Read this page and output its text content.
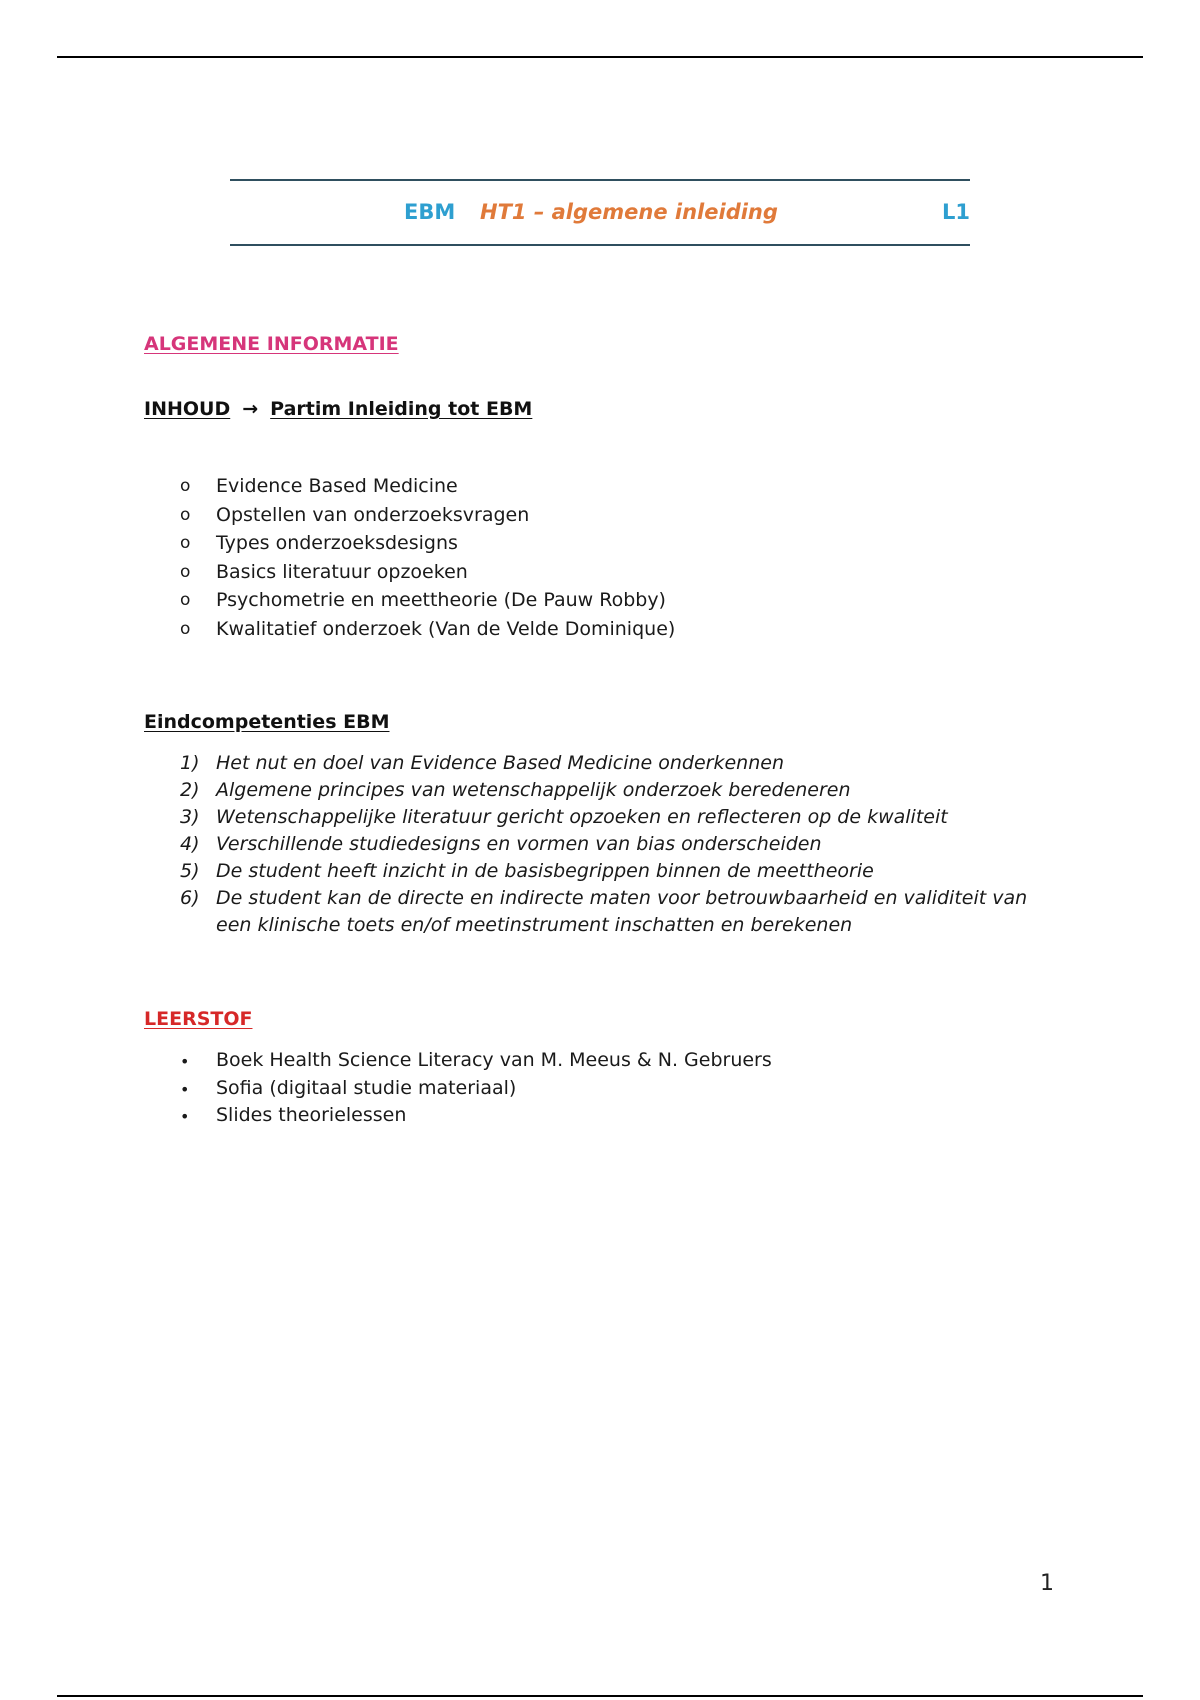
EBM HT1 – algemene inleiding	L1
ALGEMENE INFORMATIE
INHOUD → Partim Inleiding tot EBM
o Evidence Based Medicine
o Opstellen van onderzoeksvragen
o Types onderzoeksdesigns
o Basics literatuur opzoeken
o Psychometrie en meettheorie (De Pauw Robby)
o Kwalitatief onderzoek (Van de Velde Dominique)
Eindcompetenties EBM
1) Het nut en doel van Evidence Based Medicine onderkennen
2) Algemene principes van wetenschappelijk onderzoek beredeneren
3) Wetenschappelijke literatuur gericht opzoeken en reflecteren op de kwaliteit
4) Verschillende studiedesigns en vormen van bias onderscheiden
5) De student heeft inzicht in de basisbegrippen binnen de meettheorie
6) De student kan de directe en indirecte maten voor betrouwbaarheid en validiteit van een klinische toets en/of meetinstrument inschatten en berekenen
LEERSTOF
• Boek Health Science Literacy van M. Meeus & N. Gebruers
• Sofia (digitaal studie materiaal)
• Slides theorielessen
1
